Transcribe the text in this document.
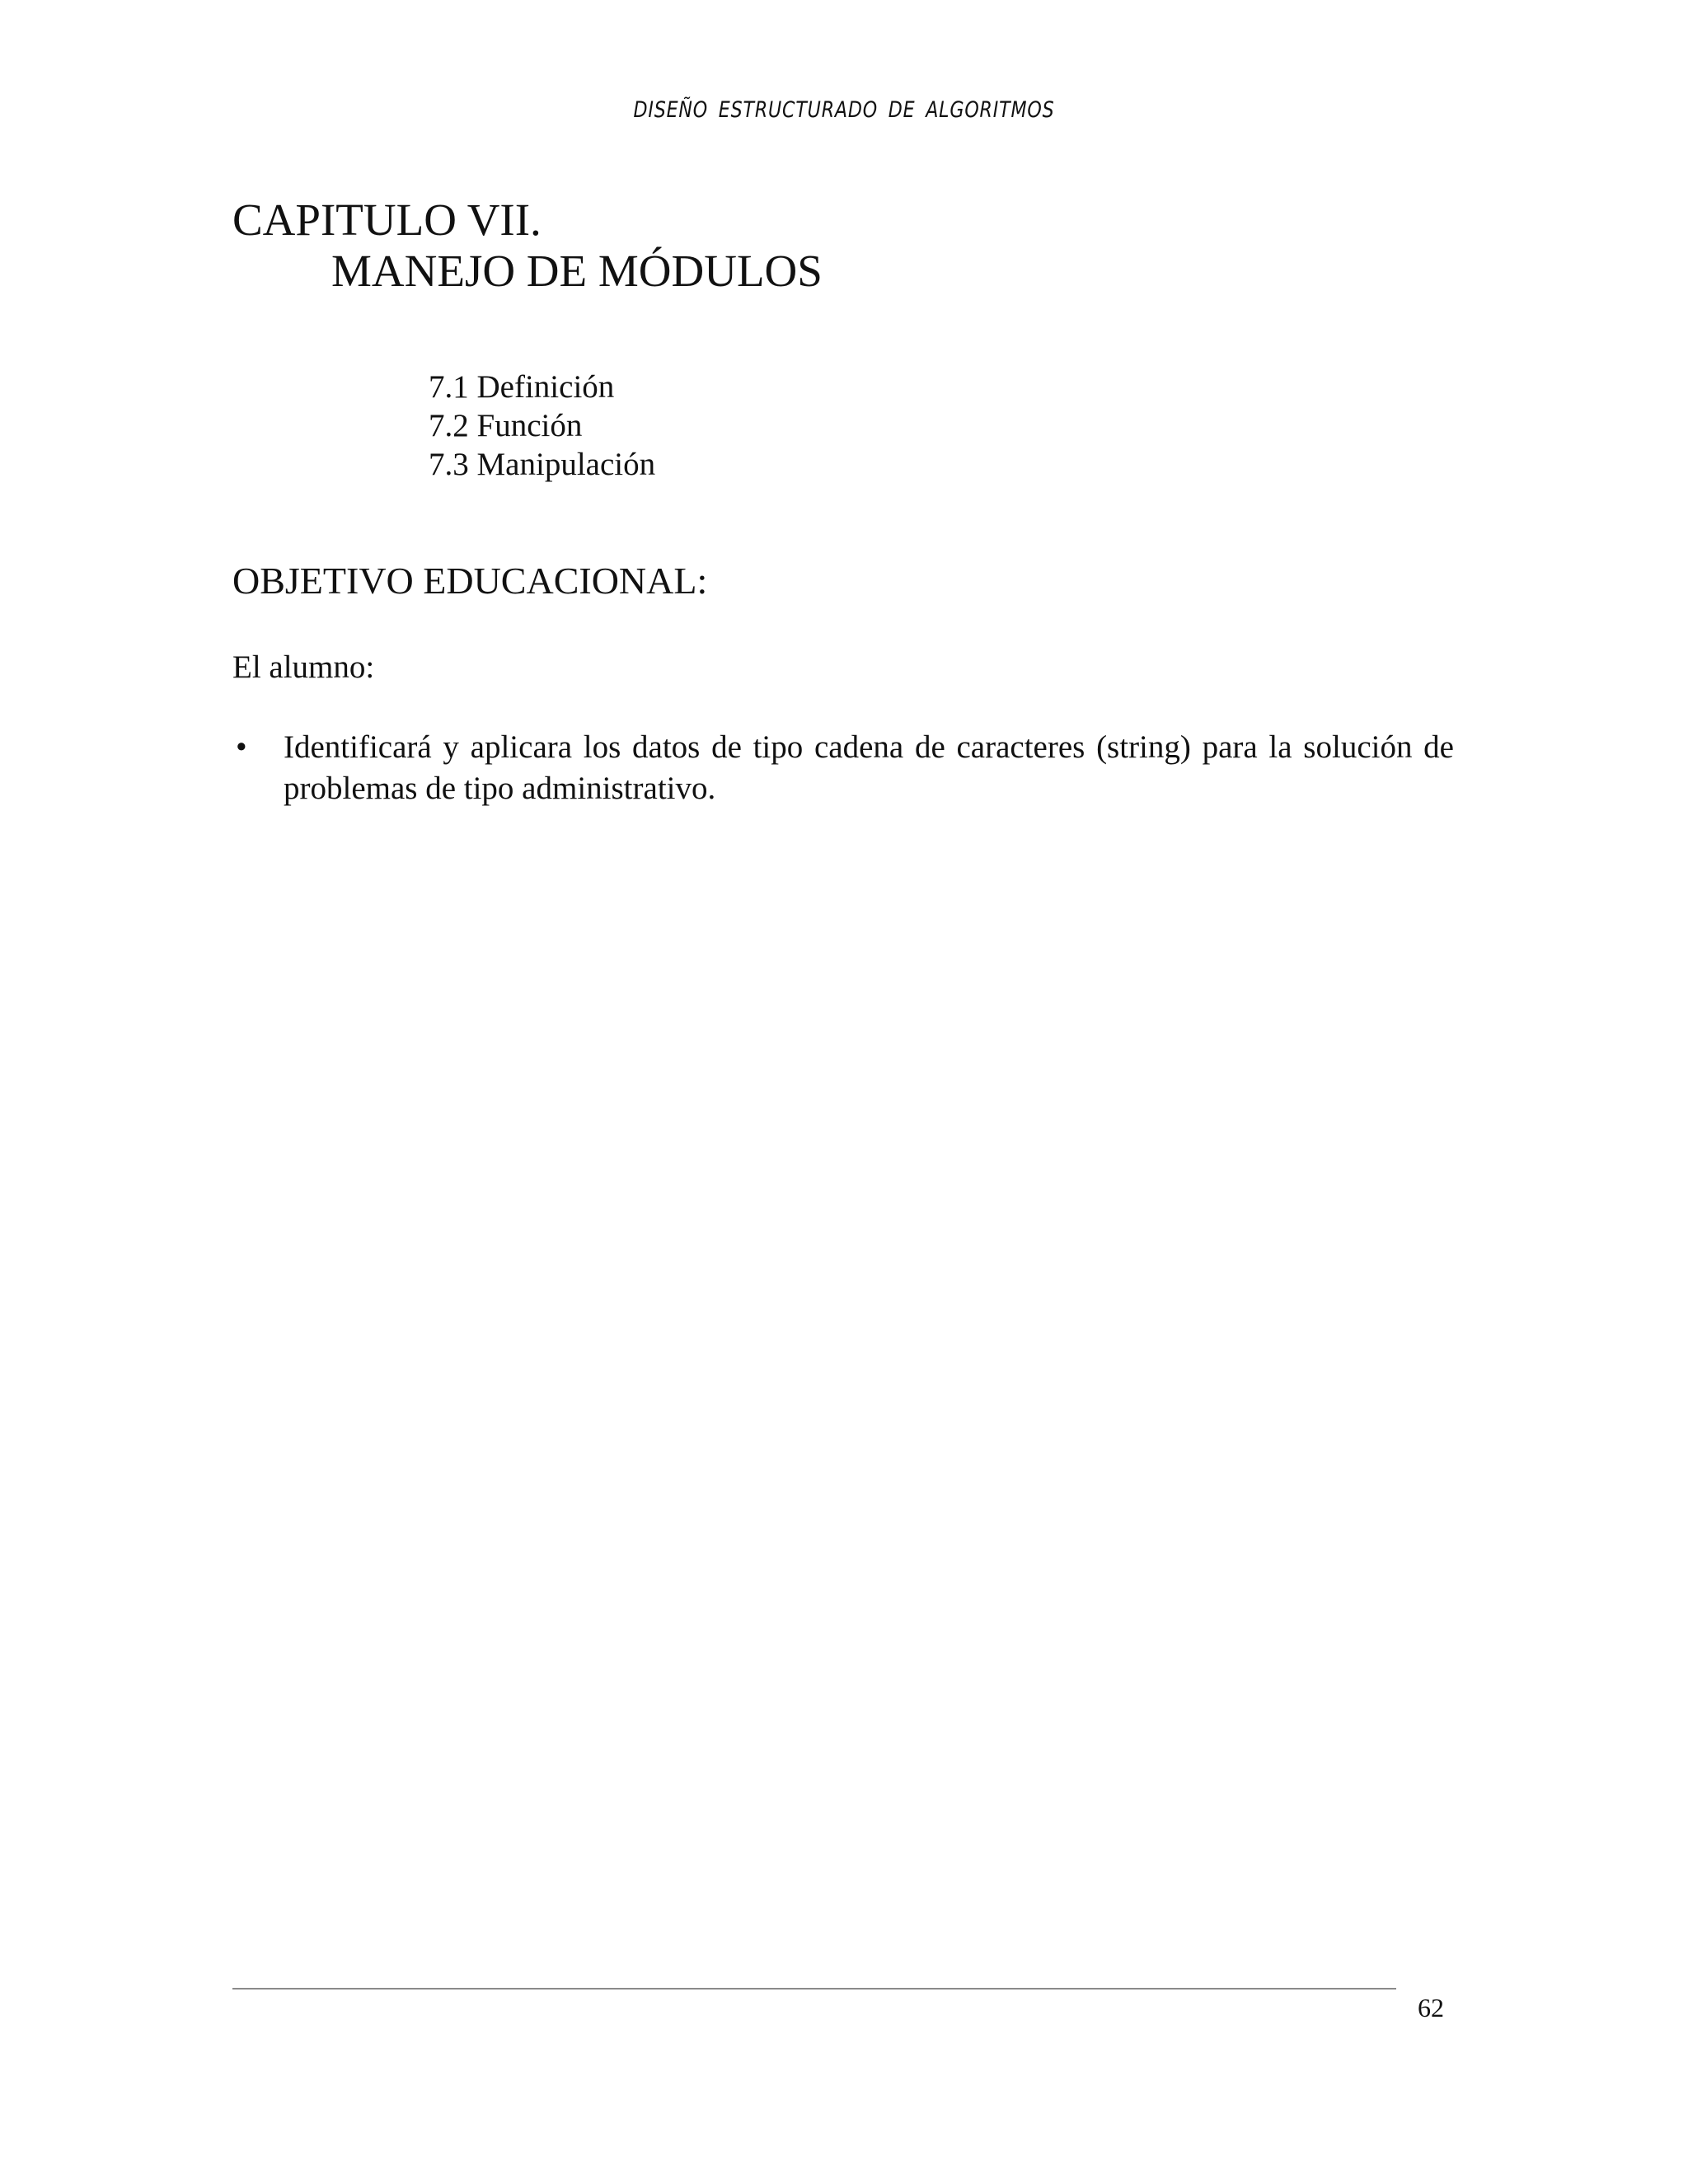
DISEÑO ESTRUCTURADO DE ALGORITMOS
CAPITULO VII.
MANEJO DE MÓDULOS
7.1 Definición
7.2 Función
7.3 Manipulación
OBJETIVO EDUCACIONAL:
El alumno:
• Identificará y aplicara los datos de tipo cadena de caracteres (string) para la solución de problemas de tipo administrativo.
62
